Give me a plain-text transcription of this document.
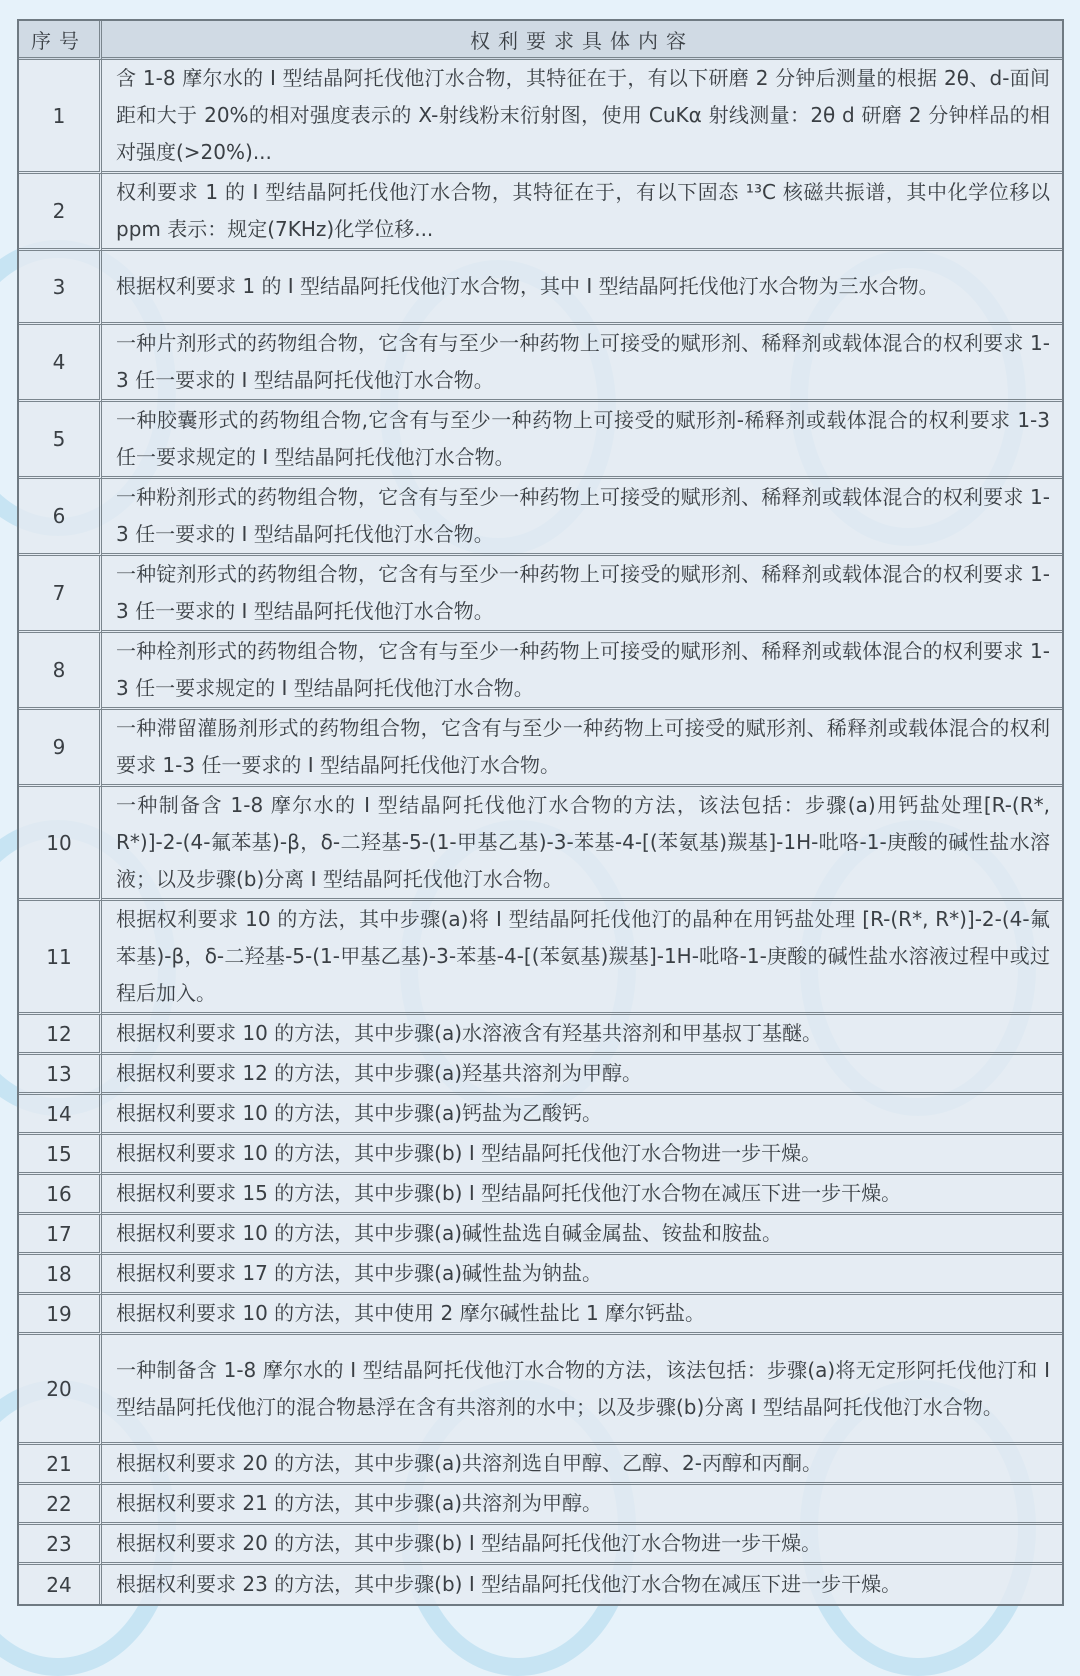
序号	权利要求具体内容
1	含 1-8 摩尔水的 I 型结晶阿托伐他汀水合物，其特征在于，有以下研磨 2 分钟后测量的根据 2θ、d-面间距和大于 20%的相对强度表示的 X-射线粉末衍射图，使用 CuKα 射线测量：2θ d 研磨 2 分钟样品的相对强度(>20%)...
2	权利要求 1 的 I 型结晶阿托伐他汀水合物，其特征在于，有以下固态 ¹³C 核磁共振谱，其中化学位移以 ppm 表示：规定(7KHz)化学位移...
3	根据权利要求 1 的 I 型结晶阿托伐他汀水合物，其中 I 型结晶阿托伐他汀水合物为三水合物。
4	一种片剂形式的药物组合物，它含有与至少一种药物上可接受的赋形剂、稀释剂或载体混合的权利要求 1-3 任一要求的 I 型结晶阿托伐他汀水合物。
5	一种胶囊形式的药物组合物,它含有与至少一种药物上可接受的赋形剂-稀释剂或载体混合的权利要求 1-3 任一要求规定的 I 型结晶阿托伐他汀水合物。
6	一种粉剂形式的药物组合物，它含有与至少一种药物上可接受的赋形剂、稀释剂或载体混合的权利要求 1-3 任一要求的 I 型结晶阿托伐他汀水合物。
7	一种锭剂形式的药物组合物，它含有与至少一种药物上可接受的赋形剂、稀释剂或载体混合的权利要求 1-3 任一要求的 I 型结晶阿托伐他汀水合物。
8	一种栓剂形式的药物组合物，它含有与至少一种药物上可接受的赋形剂、稀释剂或载体混合的权利要求 1-3 任一要求规定的 I 型结晶阿托伐他汀水合物。
9	一种滞留灌肠剂形式的药物组合物，它含有与至少一种药物上可接受的赋形剂、稀释剂或载体混合的权利要求 1-3 任一要求的 I 型结晶阿托伐他汀水合物。
10	一种制备含 1-8 摩尔水的 I 型结晶阿托伐他汀水合物的方法，该法包括：步骤(a)用钙盐处理[R-(R*, R*)]-2-(4-氟苯基)-β，δ-二羟基-5-(1-甲基乙基)-3-苯基-4-[(苯氨基)羰基]-1H-吡咯-1-庚酸的碱性盐水溶液；以及步骤(b)分离 I 型结晶阿托伐他汀水合物。
11	根据权利要求 10 的方法，其中步骤(a)将 I 型结晶阿托伐他汀的晶种在用钙盐处理 [R-(R*, R*)]-2-(4-氟苯基)-β，δ-二羟基-5-(1-甲基乙基)-3-苯基-4-[(苯氨基)羰基]-1H-吡咯-1-庚酸的碱性盐水溶液过程中或过程后加入。
12	根据权利要求 10 的方法，其中步骤(a)水溶液含有羟基共溶剂和甲基叔丁基醚。
13	根据权利要求 12 的方法，其中步骤(a)羟基共溶剂为甲醇。
14	根据权利要求 10 的方法，其中步骤(a)钙盐为乙酸钙。
15	根据权利要求 10 的方法，其中步骤(b) I 型结晶阿托伐他汀水合物进一步干燥。
16	根据权利要求 15 的方法，其中步骤(b) I 型结晶阿托伐他汀水合物在减压下进一步干燥。
17	根据权利要求 10 的方法，其中步骤(a)碱性盐选自碱金属盐、铵盐和胺盐。
18	根据权利要求 17 的方法，其中步骤(a)碱性盐为钠盐。
19	根据权利要求 10 的方法，其中使用 2 摩尔碱性盐比 1 摩尔钙盐。
20	一种制备含 1-8 摩尔水的 I 型结晶阿托伐他汀水合物的方法，该法包括：步骤(a)将无定形阿托伐他汀和 I 型结晶阿托伐他汀的混合物悬浮在含有共溶剂的水中；以及步骤(b)分离 I 型结晶阿托伐他汀水合物。
21	根据权利要求 20 的方法，其中步骤(a)共溶剂选自甲醇、乙醇、2-丙醇和丙酮。
22	根据权利要求 21 的方法，其中步骤(a)共溶剂为甲醇。
23	根据权利要求 20 的方法，其中步骤(b) I 型结晶阿托伐他汀水合物进一步干燥。
24	根据权利要求 23 的方法，其中步骤(b) I 型结晶阿托伐他汀水合物在减压下进一步干燥。
